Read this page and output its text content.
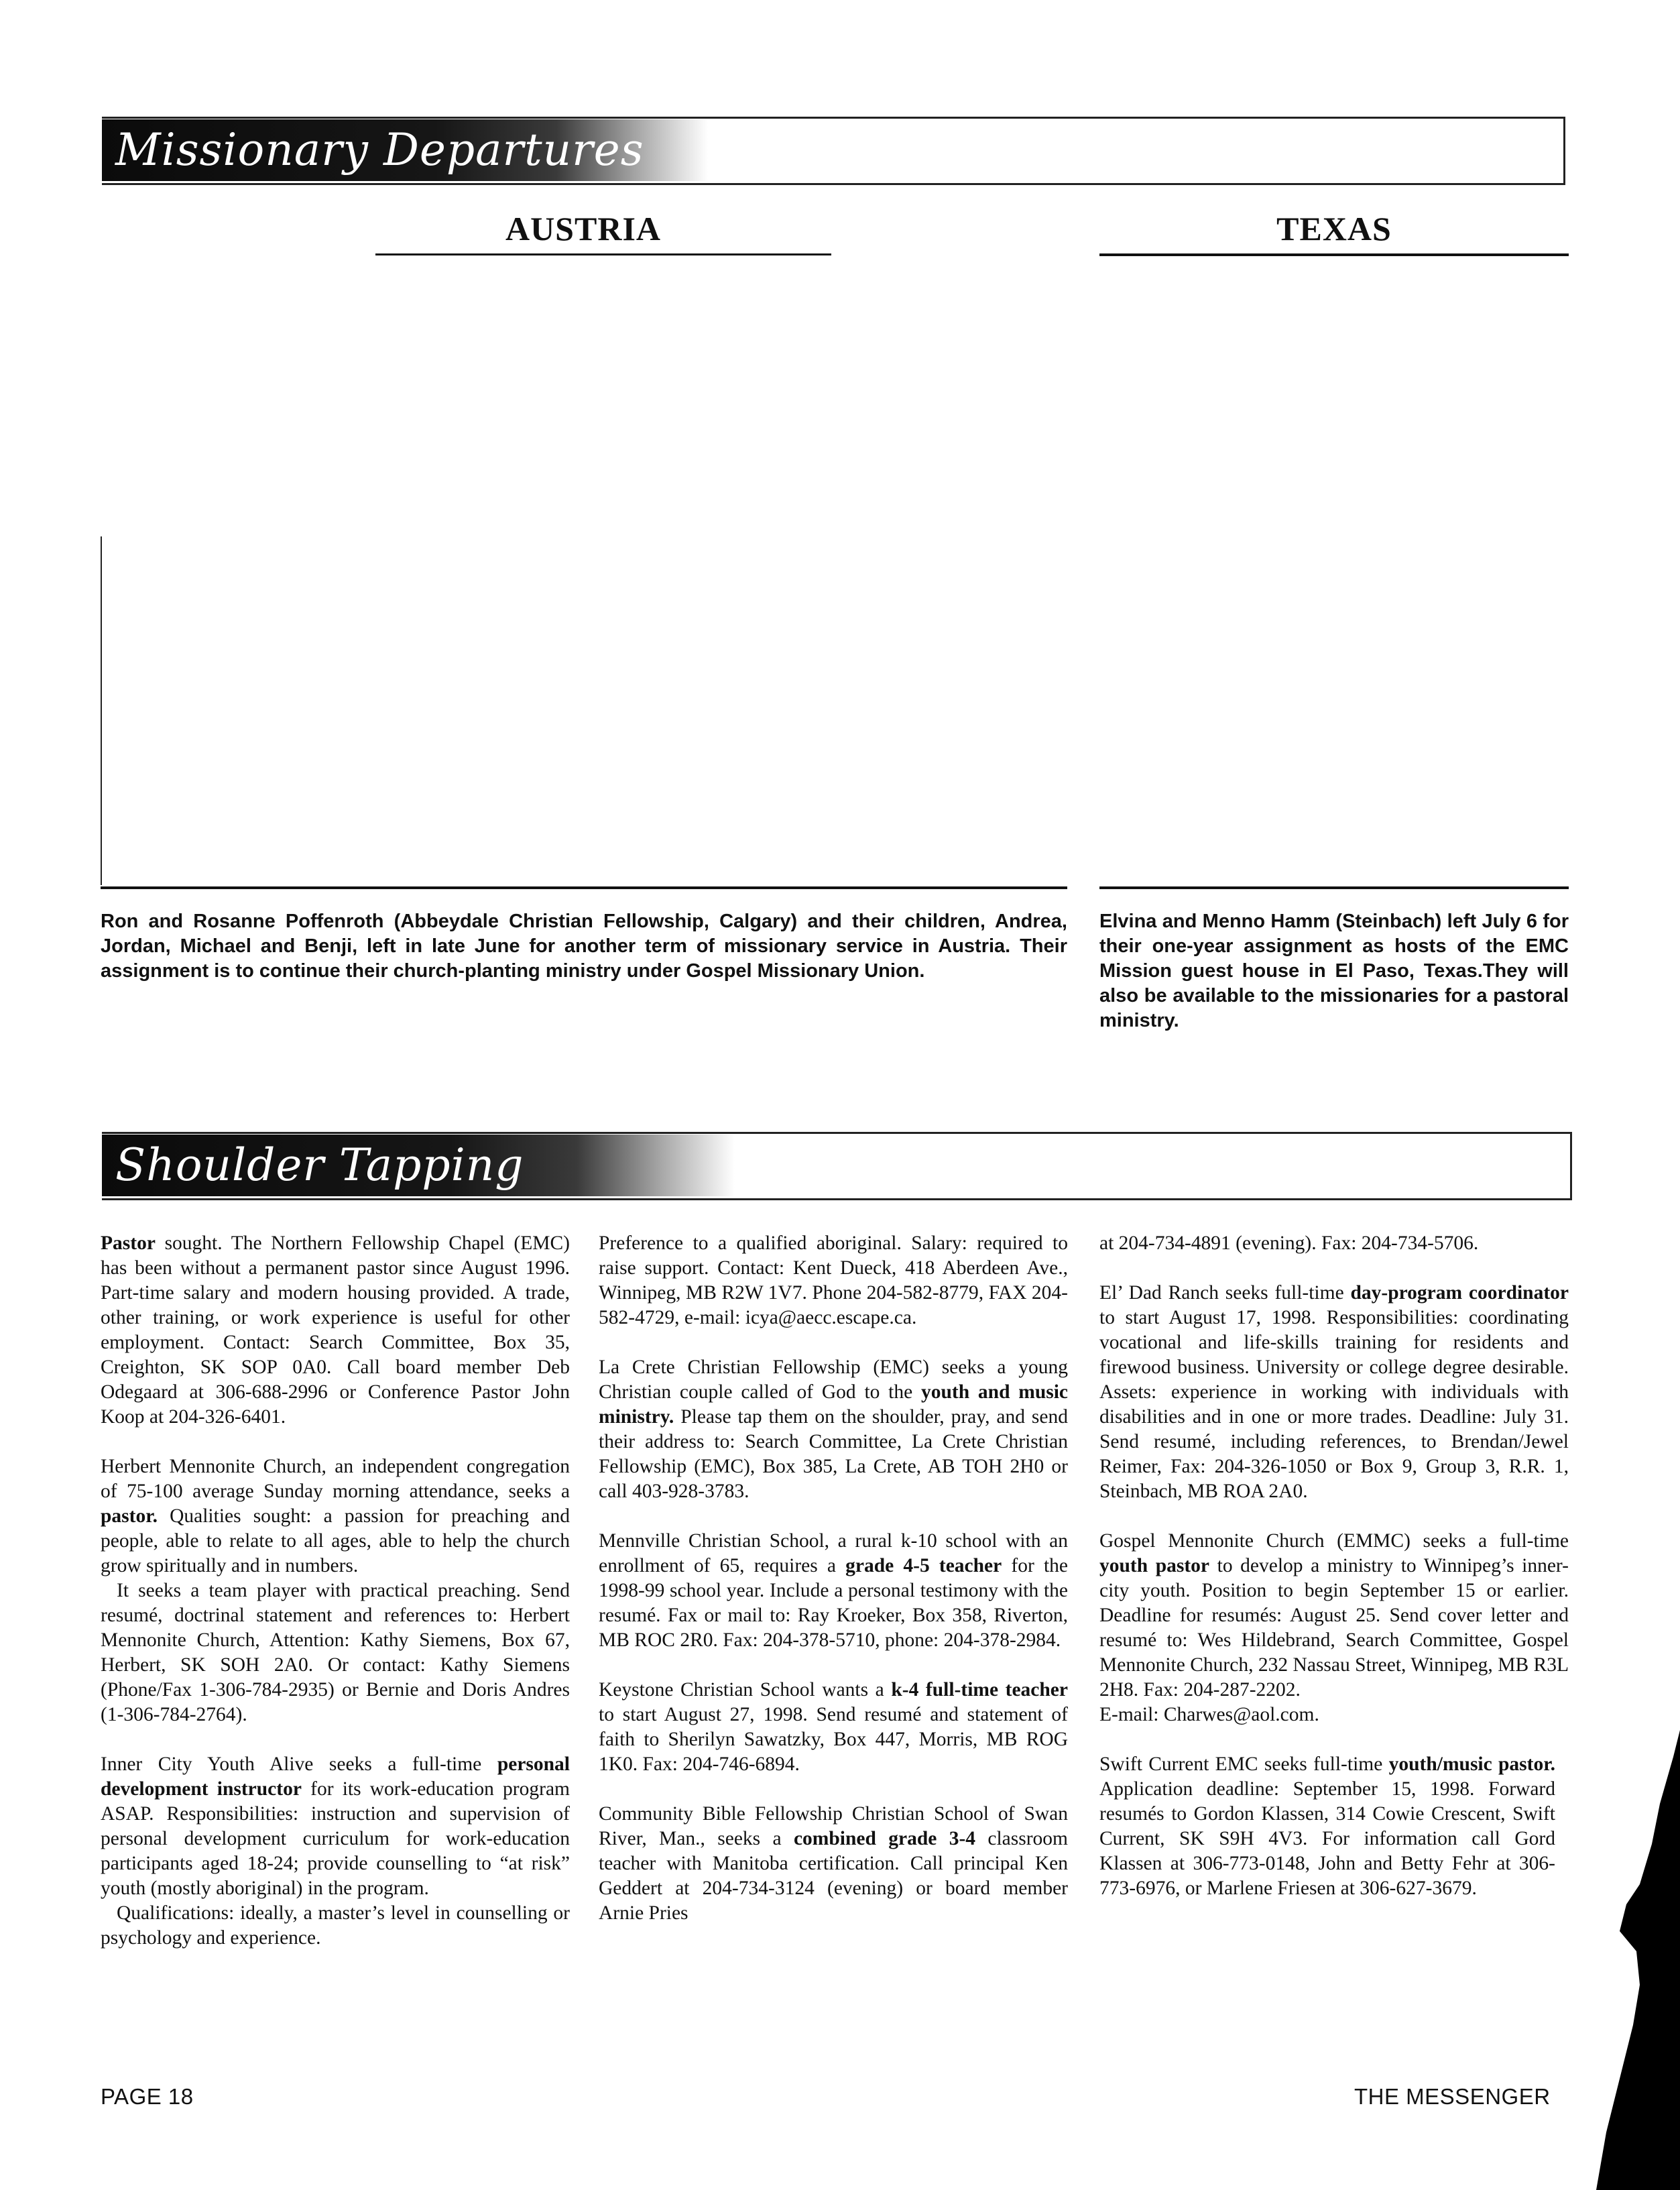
Missionary Departures
AUSTRIA	TEXAS
Ron and Rosanne Poffenroth (Abbeydale Christian Fellowship, Calgary) and their children, Andrea, Jordan, Michael and Benji, left in late June for another term of missionary service in Austria. Their assignment is to continue their church-planting ministry under Gospel Missionary Union.
Elvina and Menno Hamm (Steinbach) left July 6 for their one-year assignment as hosts of the EMC Mission guest house in El Paso, Texas.They will also be available to the missionaries for a pastoral ministry.
Shoulder Tapping

Pastor sought. The Northern Fellowship Chapel (EMC) has been without a permanent pastor since August 1996. Part-time salary and modern housing provided. A trade, other training, or work experience is useful for other employment. Contact: Search Committee, Box 35, Creighton, SK SOP 0A0. Call board member Deb Odegaard at 306-688-2996 or Conference Pastor John Koop at 204-326-6401.

Herbert Mennonite Church, an independent congregation of 75-100 average Sunday morning attendance, seeks a pastor. Qualities sought: a passion for preaching and people, able to relate to all ages, able to help the church grow spiritually and in numbers.

It seeks a team player with practical preaching. Send resumé, doctrinal statement and references to: Herbert Mennonite Church, Attention: Kathy Siemens, Box 67, Herbert, SK SOH 2A0. Or contact: Kathy Siemens (Phone/Fax 1-306-784-2935) or Bernie and Doris Andres (1-306-784-2764).

Inner City Youth Alive seeks a full-time personal development instructor for its work-education program ASAP. Responsibilities: instruction and supervision of personal development curriculum for work-education participants aged 18-24; provide counselling to “at risk” youth (mostly aboriginal) in the program.

Qualifications: ideally, a master’s level in counselling or psychology and experience.

Preference to a qualified aboriginal. Salary: required to raise support. Contact: Kent Dueck, 418 Aberdeen Ave., Winnipeg, MB R2W 1V7. Phone 204-582-8779, FAX 204-582-4729, e-mail: icya@aecc.escape.ca.

La Crete Christian Fellowship (EMC) seeks a young Christian couple called of God to the youth and music ministry. Please tap them on the shoulder, pray, and send their address to: Search Committee, La Crete Christian Fellowship (EMC), Box 385, La Crete, AB TOH 2H0 or call 403-928-3783.

Mennville Christian School, a rural k-10 school with an enrollment of 65, requires a grade 4-5 teacher for the 1998-99 school year. Include a personal testimony with the resumé. Fax or mail to: Ray Kroeker, Box 358, Riverton, MB ROC 2R0. Fax: 204-378-5710, phone: 204-378-2984.

Keystone Christian School wants a k-4 full-time teacher to start August 27, 1998. Send resumé and statement of faith to Sherilyn Sawatzky, Box 447, Morris, MB ROG 1K0. Fax: 204-746-6894.

Community Bible Fellowship Christian School of Swan River, Man., seeks a combined grade 3-4 classroom teacher with Manitoba certification. Call principal Ken Geddert at 204-734-3124 (evening) or board member Arnie Pries

at 204-734-4891 (evening). Fax: 204-734-5706.

El’ Dad Ranch seeks full-time day-program coordinator to start August 17, 1998. Responsibilities: coordinating vocational and life-skills training for residents and firewood business. University or college degree desirable. Assets: experience in working with individuals with disabilities and in one or more trades. Deadline: July 31. Send resumé, including references, to Brendan/Jewel Reimer, Fax: 204-326-1050 or Box 9, Group 3, R.R. 1, Steinbach, MB ROA 2A0.

Gospel Mennonite Church (EMMC) seeks a full-time youth pastor to develop a ministry to Winnipeg’s inner-city youth. Position to begin September 15 or earlier. Deadline for resumés: August 25. Send cover letter and resumé to: Wes Hildebrand, Search Committee, Gospel Mennonite Church, 232 Nassau Street, Winnipeg, MB R3L 2H8. Fax: 204-287-2202.

E-mail: Charwes@aol.com.

Swift Current EMC seeks full-time youth/music pastor. Application deadline: September 15, 1998. Forward resumés to Gordon Klassen, 314 Cowie Crescent, Swift Current, SK S9H 4V3. For information call Gord Klassen at 306-773-0148, John and Betty Fehr at 306-773-6976, or Marlene Friesen at 306-627-3679.

PAGE 18	THE MESSENGER
